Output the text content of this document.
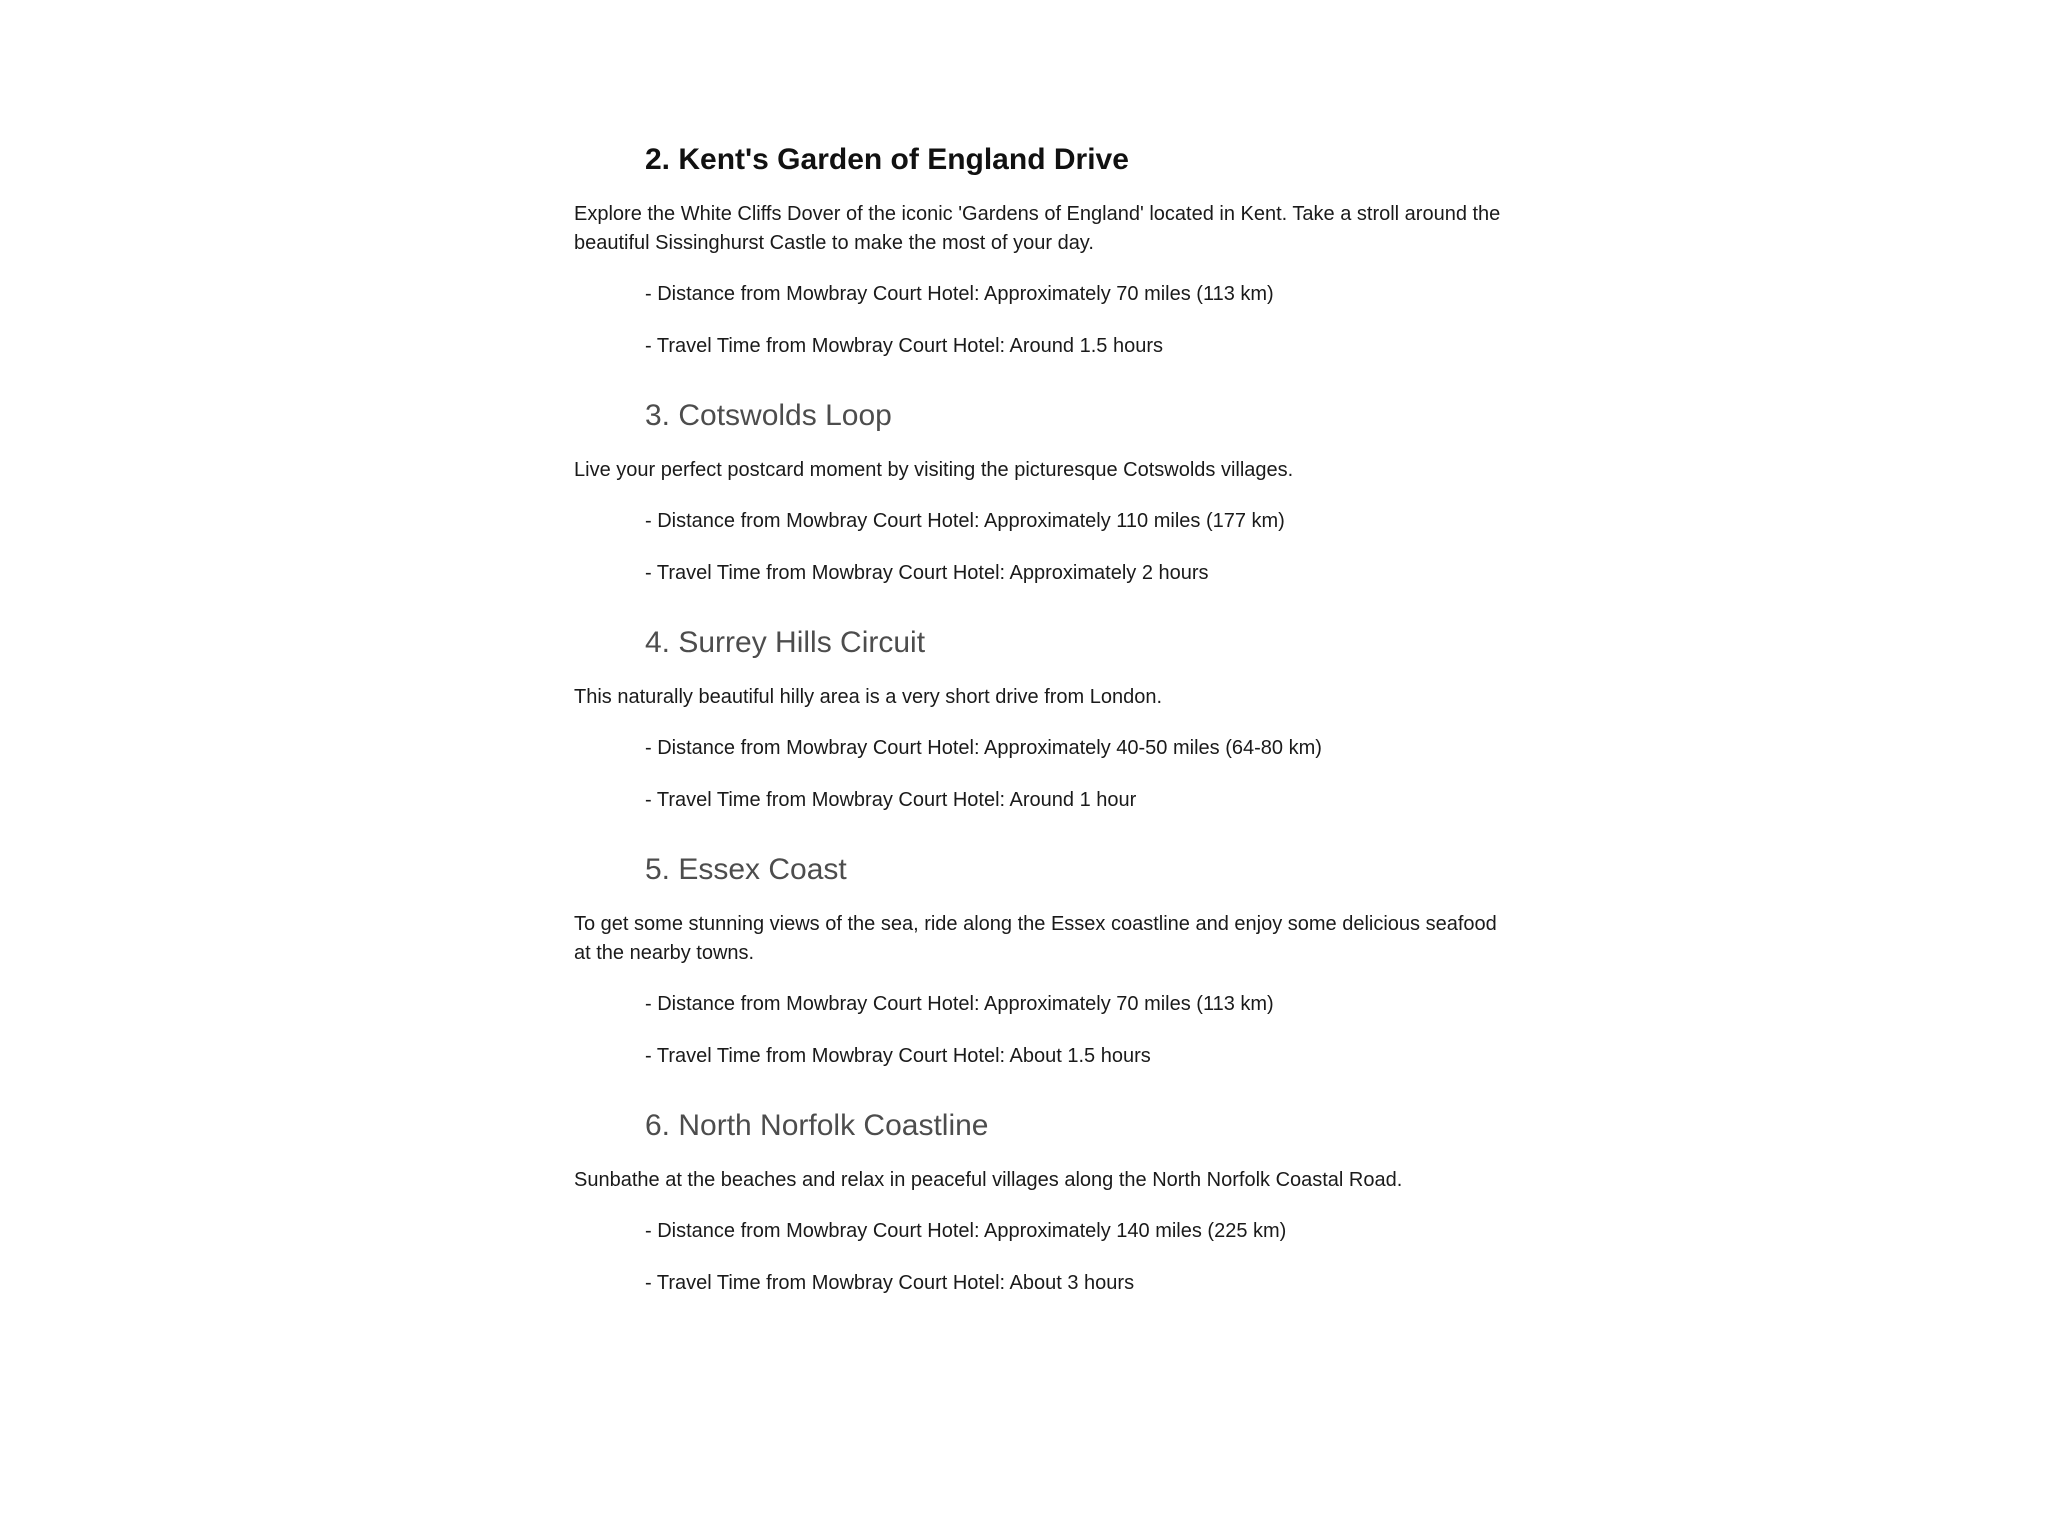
2. Kent's Garden of England Drive

Explore the White Cliffs Dover of the iconic 'Gardens of England' located in Kent. Take a stroll around the beautiful Sissinghurst Castle to make the most of your day.

- Distance from Mowbray Court Hotel: Approximately 70 miles (113 km)
- Travel Time from Mowbray Court Hotel: Around 1.5 hours
3. Cotswolds Loop

Live your perfect postcard moment by visiting the picturesque Cotswolds villages.

- Distance from Mowbray Court Hotel: Approximately 110 miles (177 km)
- Travel Time from Mowbray Court Hotel: Approximately 2 hours
4. Surrey Hills Circuit

This naturally beautiful hilly area is a very short drive from London.

- Distance from Mowbray Court Hotel: Approximately 40-50 miles (64-80 km)
- Travel Time from Mowbray Court Hotel: Around 1 hour
5. Essex Coast

To get some stunning views of the sea, ride along the Essex coastline and enjoy some delicious seafood at the nearby towns.

- Distance from Mowbray Court Hotel: Approximately 70 miles (113 km)
- Travel Time from Mowbray Court Hotel: About 1.5 hours
6. North Norfolk Coastline

Sunbathe at the beaches and relax in peaceful villages along the North Norfolk Coastal Road.

- Distance from Mowbray Court Hotel: Approximately 140 miles (225 km)
- Travel Time from Mowbray Court Hotel: About 3 hours
